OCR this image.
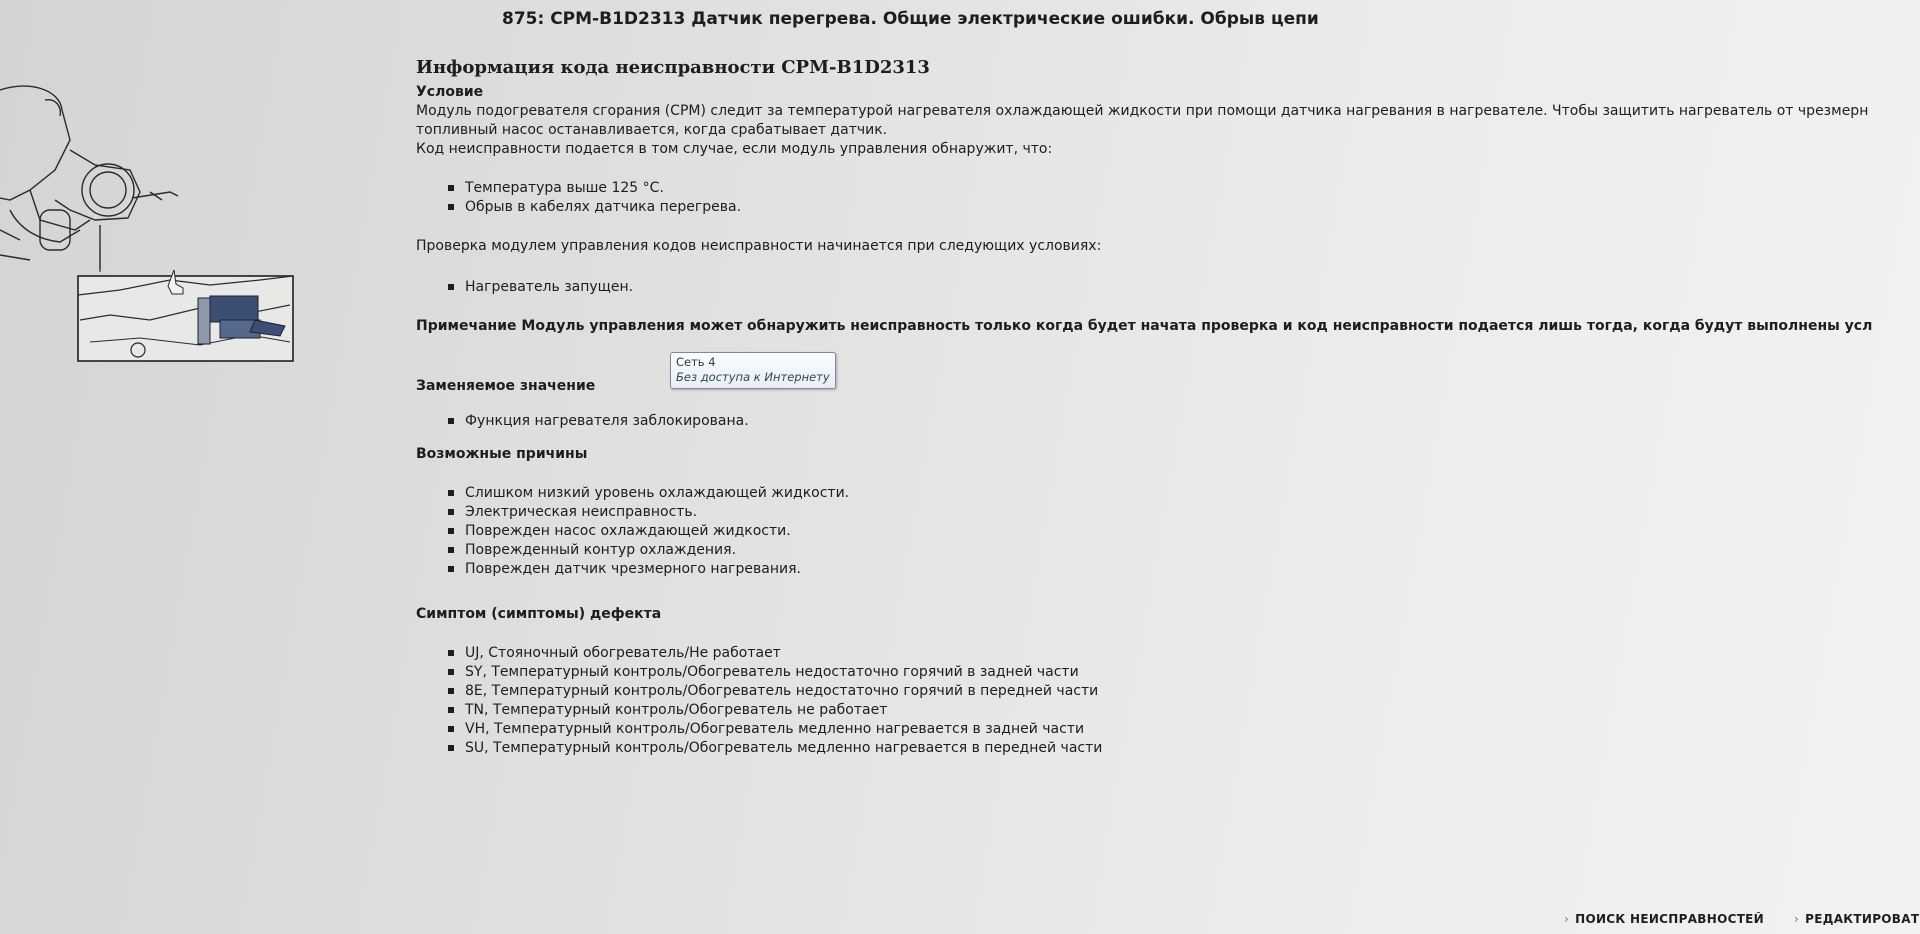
875: CPM-B1D2313 Датчик перегрева. Общие электрические ошибки. Обрыв цепи
Информация кода неисправности CPM-B1D2313
Условие

Модуль подогревателя сгорания (CPM) следит за температурой нагревателя охлаждающей жидкости при помощи датчика нагревания в нагревателе. Чтобы защитить нагреватель от чрезмерн

топливный насос останавливается, когда срабатывает датчик.

Код неисправности подается в том случае, если модуль управления обнаружит, что:

Температура выше 125 °C.
Обрыв в кабелях датчика перегрева.

Проверка модулем управления кодов неисправности начинается при следующих условиях:

Нагреватель запущен.

Примечание Модуль управления может обнаружить неисправность только когда будет начата проверка и код неисправности подается лишь тогда, когда будут выполнены усл

Заменяемое значение
Сеть 4
Без доступа к Интернету
Функция нагревателя заблокирована.
Возможные причины
Слишком низкий уровень охлаждающей жидкости.
Электрическая неисправность.
Поврежден насос охлаждающей жидкости.
Поврежденный контур охлаждения.
Поврежден датчик чрезмерного нагревания.
Симптом (симптомы) дефекта
UJ, Стояночный обогреватель/Не работает
SY, Температурный контроль/Обогреватель недостаточно горячий в задней части
8E, Температурный контроль/Обогреватель недостаточно горячий в передней части
TN, Температурный контроль/Обогреватель не работает
VH, Температурный контроль/Обогреватель медленно нагревается в задней части
SU, Температурный контроль/Обогреватель медленно нагревается в передней части
› ПОИСК НЕИСПРАВНОСТЕЙ
›	РЕДАКТИРОВАТ
